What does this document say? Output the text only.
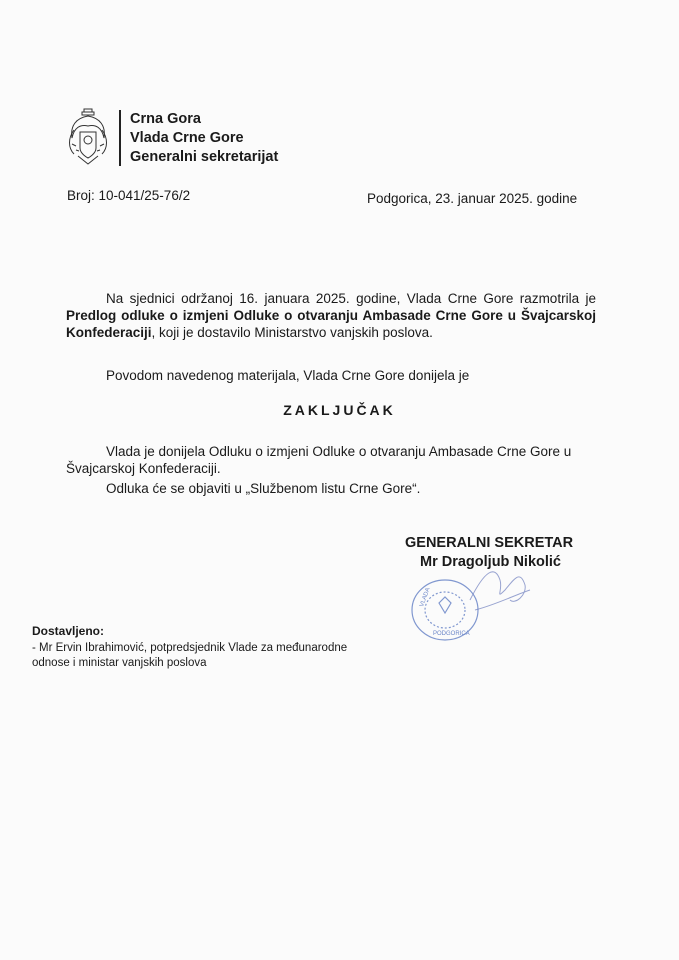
Crna Gora
Vlada Crne Gore
Generalni sekretarijat
Broj: 10-041/25-76/2	Podgorica, 23. januar 2025. godine
Na sjednici održanoj 16. januara 2025. godine, Vlada Crne Gore razmotrila je Predlog odluke o izmjeni Odluke o otvaranju Ambasade Crne Gore u Švajcarskoj Konfederaciji, koji je dostavilo Ministarstvo vanjskih poslova.
Povodom navedenog materijala, Vlada Crne Gore donijela je
ZAKLJUČAK
Vlada je donijela Odluku o izmjeni Odluke o otvaranju Ambasade Crne Gore u Švajcarskoj Konfederaciji.
Odluka će se objaviti u „Službenom listu Crne Gore“.
GENERALNI SEKRETAR
Mr Dragoljub Nikolić
VLADA
PODGORICA
Dostavljeno:
- Mr Ervin Ibrahimović, potpredsjednik Vlade za međunarodne odnose i ministar vanjskih poslova
